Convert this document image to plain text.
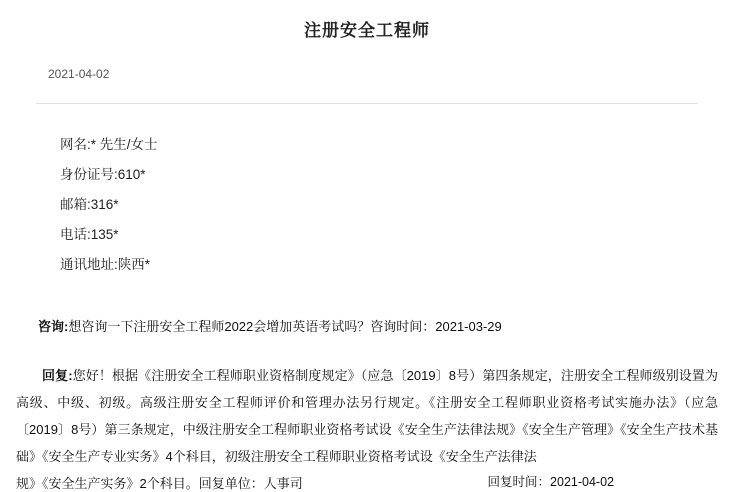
注册安全工程师
2021-04-02
网名:* 先生/女士
身份证号:610*
邮箱:316*
电话:135*
通讯地址:陕西*
咨询:想咨询一下注册安全工程师2022会增加英语考试吗？咨询时间：2021-03-29
回复:您好！根据《注册安全工程师职业资格制度规定》（应急〔2019〕8号）第四条规定，注册安全工程师级别设置为高级、中级、初级。高级注册安全工程师评价和管理办法另行规定。《注册安全工程师职业资格考试实施办法》（应急〔2019〕8号）第三条规定，中级注册安全工程师职业资格考试设《安全生产法律法规》《安全生产管理》《安全生产技术基础》《安全生产专业实务》4个科目，初级注册安全工程师职业资格考试设《安全生产法律法
规》《安全生产实务》2个科目。回复单位：人事司	回复时间：2021-04-02
